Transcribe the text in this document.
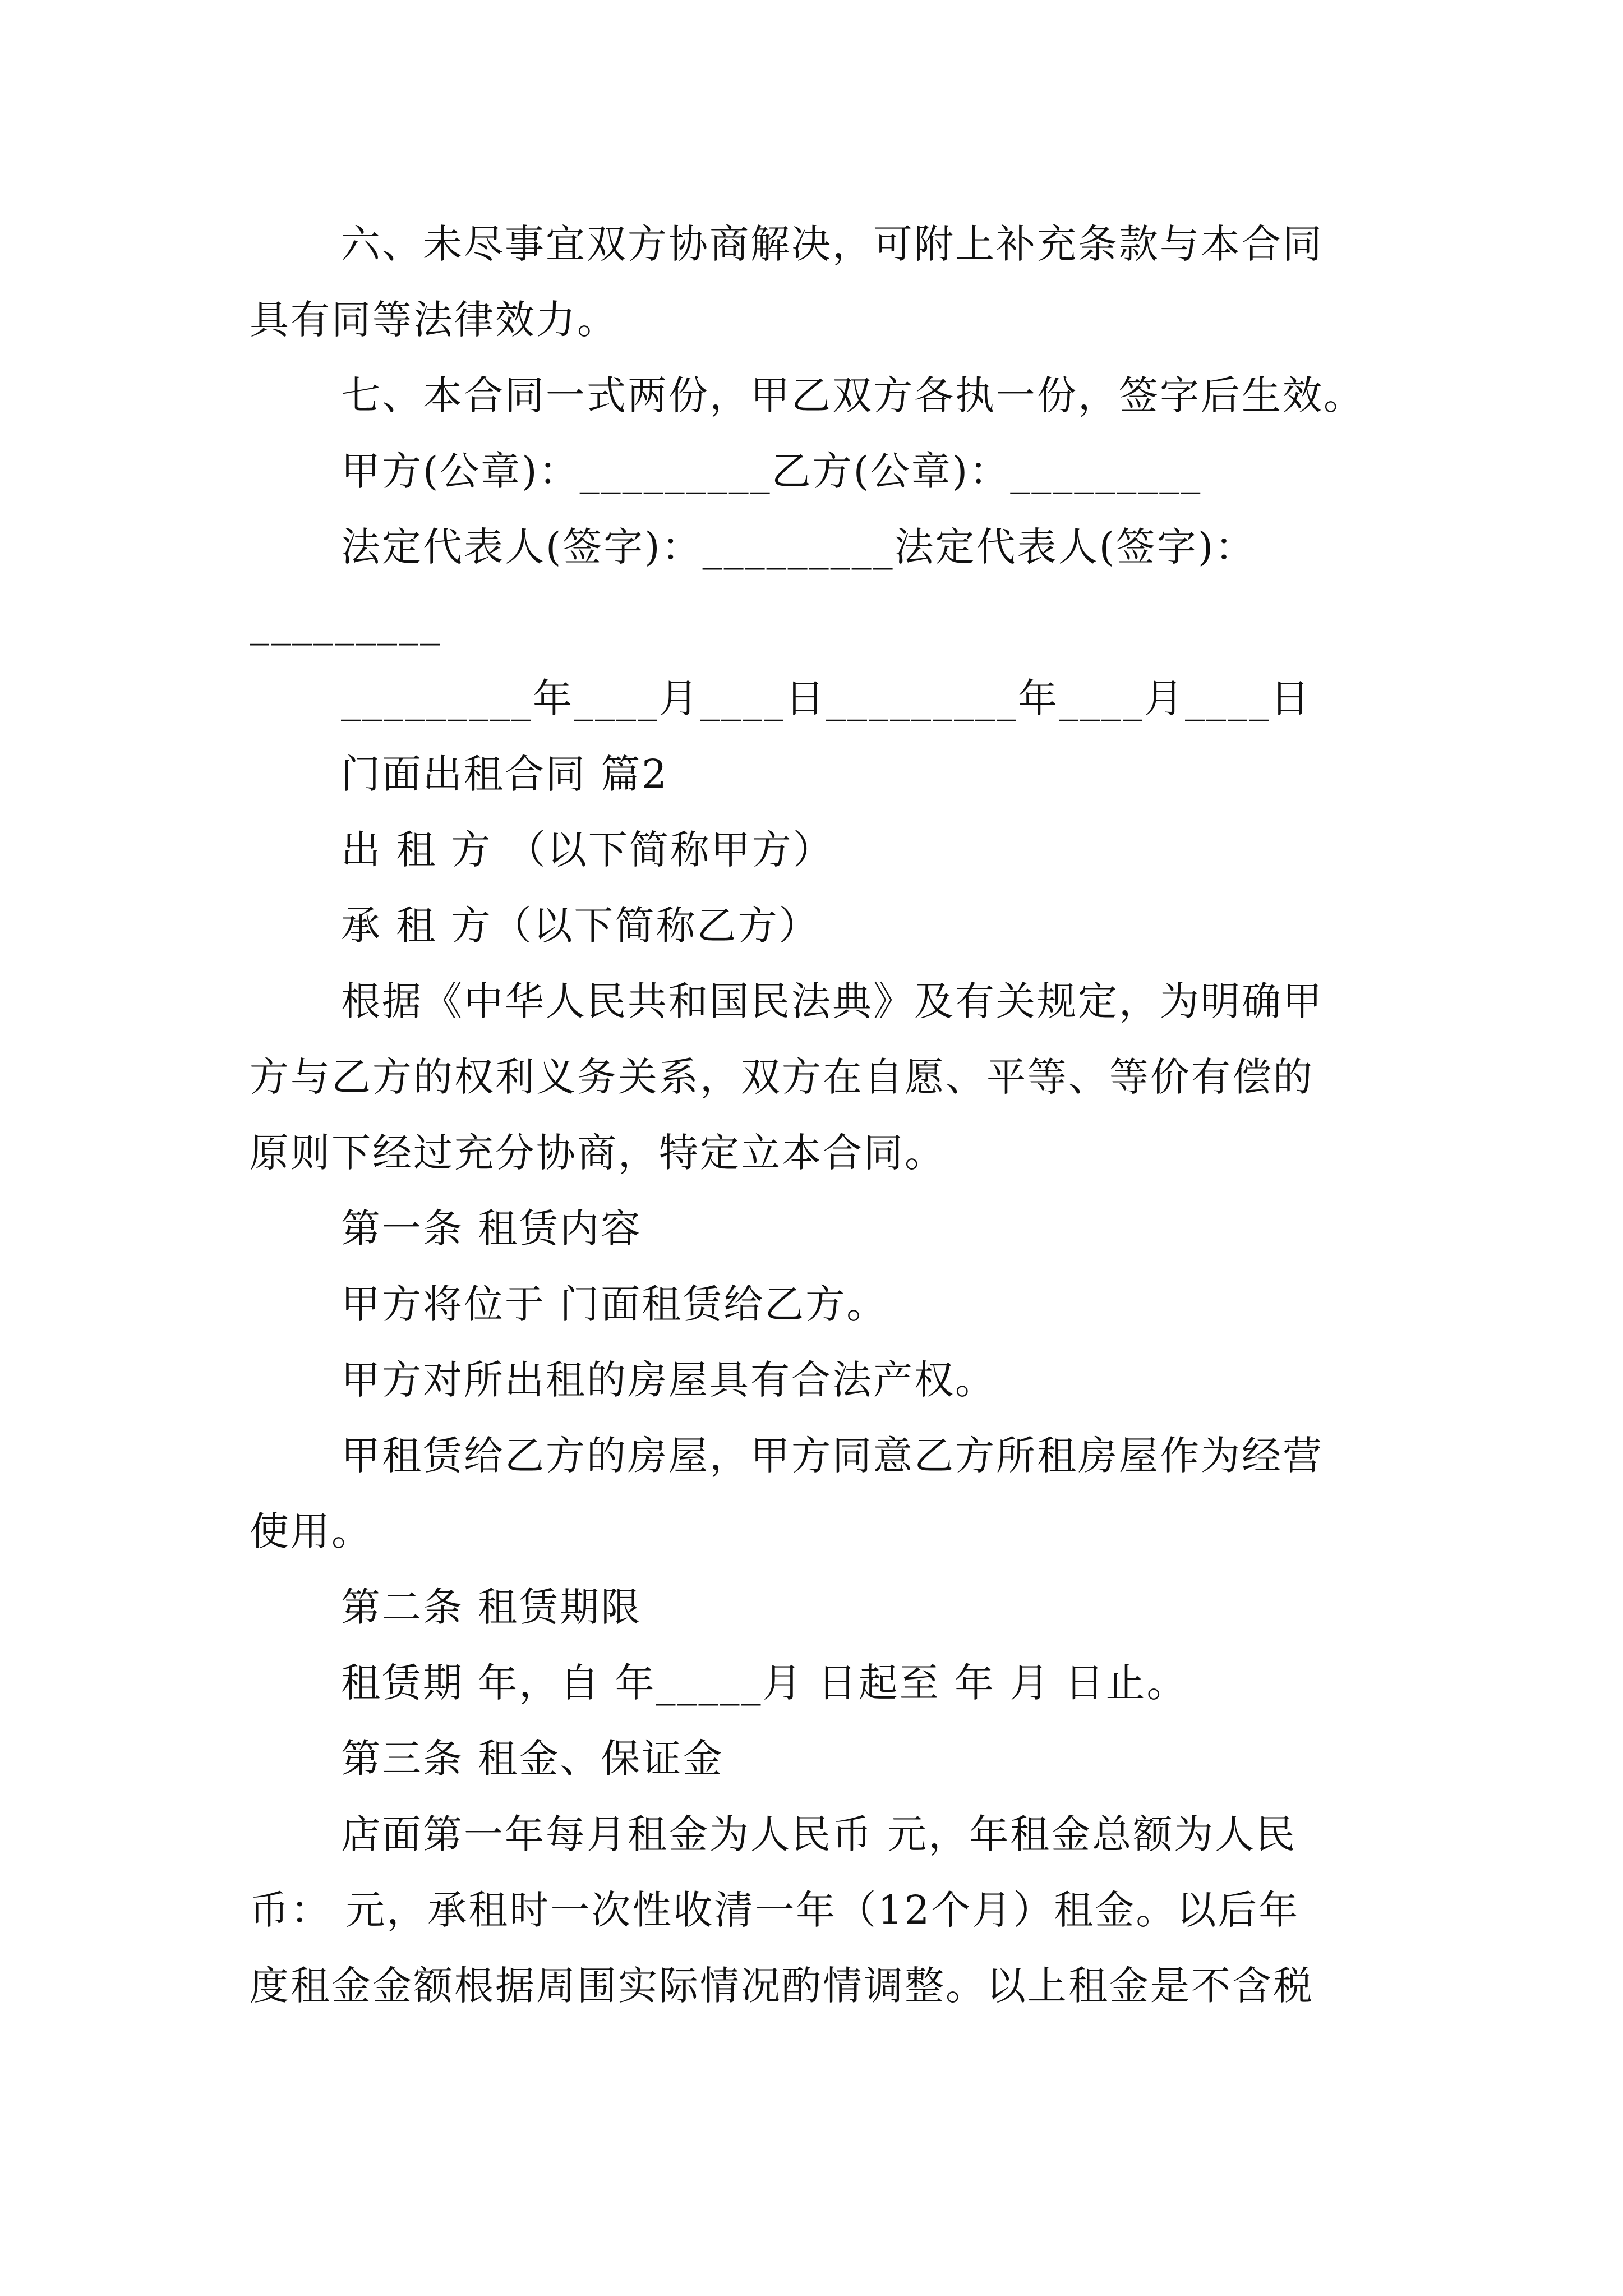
六、未尽事宜双方协商解决，可附上补充条款与本合同
具有同等法律效力。
七、本合同一式两份，甲乙双方各执一份，签字后生效。
甲方(公章)：_________乙方(公章)：_________
法定代表人(签字)：_________法定代表人(签字)：
_________
_________年____月____日_________年____月____日
门面出租合同 篇2
出 租 方 （以下简称甲方）
承 租 方（以下简称乙方）
根据《中华人民共和国民法典》及有关规定，为明确甲
方与乙方的权利义务关系，双方在自愿、平等、等价有偿的
原则下经过充分协商，特定立本合同。
第一条 租赁内容
甲方将位于 门面租赁给乙方。
甲方对所出租的房屋具有合法产权。
甲租赁给乙方的房屋，甲方同意乙方所租房屋作为经营
使用。
第二条 租赁期限
租赁期 年，自 年_____月 日起至 年 月 日止。
第三条 租金、保证金
店面第一年每月租金为人民币 元，年租金总额为人民
币： 元，承租时一次性收清一年（12个月）租金。以后年
度租金金额根据周围实际情况酌情调整。以上租金是不含税
